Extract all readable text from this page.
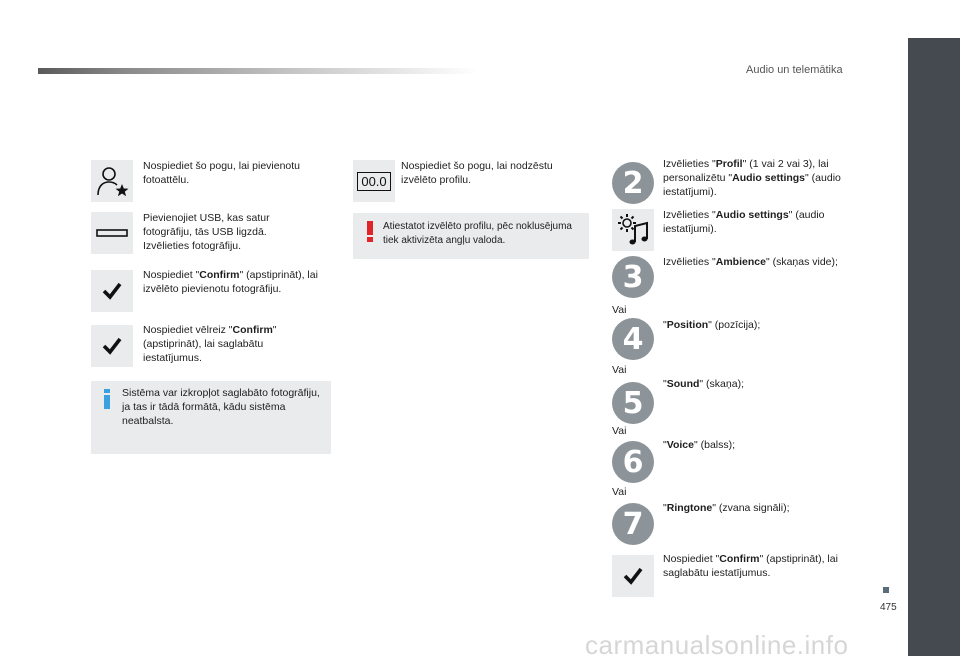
Audio un telemātika
475
Nospiediet šo pogu, lai pievienotu fotoattēlu.
Pievienojiet USB, kas satur fotogrāfiju, tās USB ligzdā. Izvēlieties fotogrāfiju.
Nospiediet "Confirm" (apstiprināt), lai izvēlēto pievienotu fotogrāfiju.
Nospiediet vēlreiz "Confirm" (apstiprināt), lai saglabātu iestatījumus.
Sistēma var izkropļot saglabāto fotogrāfiju, ja tas ir tādā formātā, kādu sistēma neatbalsta.
00.0
Nospiediet šo pogu, lai nodzēstu izvēlēto profilu.
Atiestatot izvēlēto profilu, pēc noklusējuma tiek aktivizēta angļu valoda.
2
Izvēlieties "Profil" (1 vai 2 vai 3), lai personalizētu "Audio settings" (audio iestatījumi).
Izvēlieties "Audio settings" (audio iestatījumi).
3	Izvēlieties "Ambience" (skaņas vide);
Vai
4	"Position" (pozīcija);
Vai
5
"Sound" (skaņa);
Vai
6	"Voice" (balss);
Vai
7	"Ringtone" (zvana signāli);
Nospiediet "Confirm" (apstiprināt), lai saglabātu iestatījumus.
carmanualsonline.info
